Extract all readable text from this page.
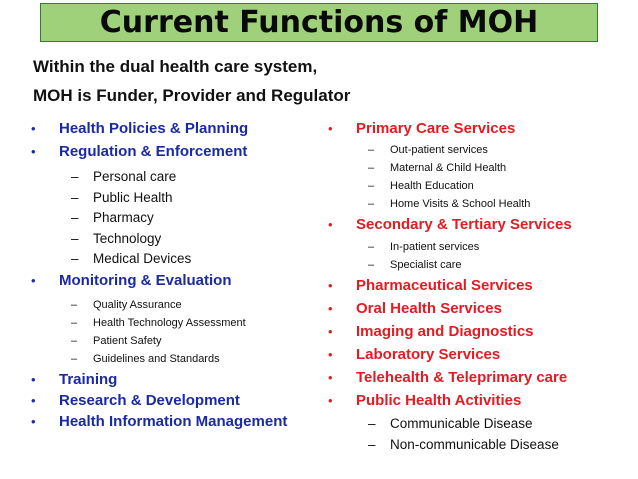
Current Functions of MOH
Within the dual health care system,
MOH is Funder, Provider and Regulator
•	Health Policies & Planning
•	Regulation & Enforcement
–	Personal care
–	Public Health
–	Pharmacy
–	Technology
–	Medical Devices
•	Monitoring & Evaluation
–	Quality Assurance
–	Health Technology Assessment
–	Patient Safety
–	Guidelines and Standards
•	Training
•	Research & Development
•	Health Information Management
•	Primary Care Services
–	Out-patient services
–	Maternal & Child Health
–	Health Education
–	Home Visits & School Health
•	Secondary & Tertiary Services
–	In-patient services
–	Specialist care
•	Pharmaceutical Services
•	Oral Health Services
•	Imaging and Diagnostics
•	Laboratory Services
•	Telehealth & Teleprimary care
•	Public Health Activities
–	Communicable Disease
–	Non-communicable Disease
